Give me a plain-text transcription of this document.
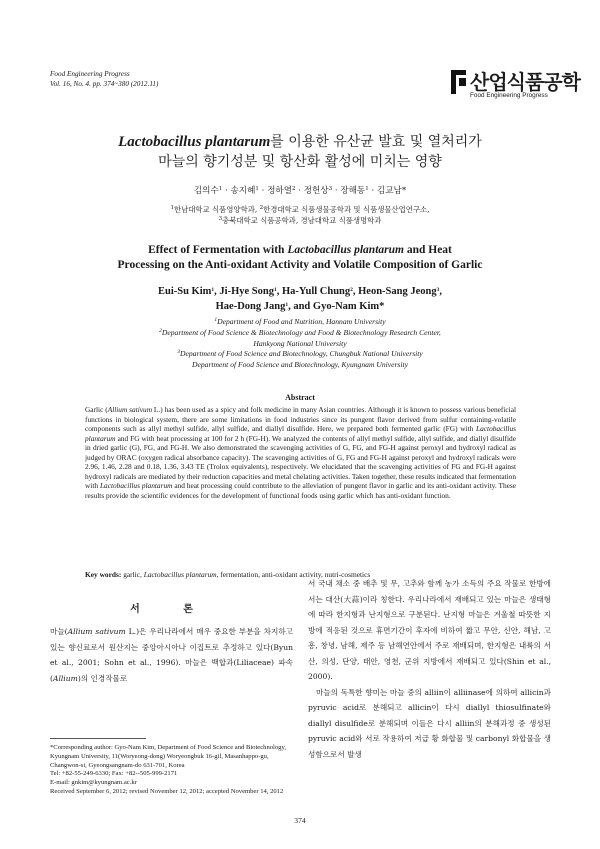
Food Engineering Progress
Vol. 16, No. 4. pp. 374~380 (2012.11)	산업식품공학
Food Engineering Progress
Lactobacillus plantarum를 이용한 유산균 발효 및 열처리가
마늘의 향기성분 및 항산화 활성에 미치는 영향
김의수$^1$ · 송지혜$^1$ · 정하열$^2$ · 정헌상$^3$ · 장해동$^1$ · 김교남*
$^1$한남대학교 식품영양학과, $^2$한경대학교 식품생물공학과 및 식품생물산업연구소,
$^3$충북대학교 식품공학과, 경남대학교 식품생명학과
Effect of Fermentation with Lactobacillus plantarum and Heat
Processing on the Anti-oxidant Activity and Volatile Composition of Garlic
Eui-Su Kim$^1$, Ji-Hye Song$^1$, Ha-Yull Chung$^2$, Heon-Sang Jeong$^3$,
Hae-Dong Jang$^1$, and Gyo-Nam Kim*
$^1$Department of Food and Nutrition, Hannam University
$^2$Department of Food Science & Biotechnology and Food & Biotechnology Research Center,
Hankyong National University
$^3$Department of Food Science and Biotechnology, Chungbuk National University
Department of Food Science and Biotechnology, Kyungnam University
Abstract
Garlic (Allium sativum L.) has been used as a spicy and folk medicine in many Asian countries. Although it is known to possess various beneficial functions in biological system, there are some limitations in food industries since its pungent flavor derived from sulfur containing-volatile components such as allyl methyl sulfide, allyl sulfide, and diallyl disulfide. Here, we prepared both fermented garlic (FG) with Lactobacillus plantarum and FG with heat processing at 100 for 2 h (FG-H). We analyzed the contents of allyl methyl sulfide, allyl sulfide, and diallyl disulfide in dried garlic (G), FG, and FG-H. We also demonstrated the scavenging activities of G, FG, and FG-H against peroxyl and hydroxyl radical as judged by ORAC (oxygen radical absorbance capacity). The scavenging activities of G, FG and FG-H against peroxyl and hydroxyl radicals were 2.96, 1.46, 2.28 and 0.18, 1.36, 3.43 TE (Trolox equivalents), respectively. We elucidated that the scavenging activities of FG and FG-H against hydroxyl radicals are mediated by their reduction capacities and metal chelating activities. Taken together, these results indicated that fermentation with Lactobacillus plantarum and heat processing could contribute to the alleviation of pungent flavor in garlic and its anti-oxidant activity. These results provide the scientific evidences for the development of functional foods using garlic which has anti-oxidant function.
Key words: garlic, Lactobacillus plantarum, fermentation, anti-oxidant activity, nutri-cosmetics
서 론
마늘(Allium sativum L.)은 우리나라에서 매우 중요한 부분을 차지하고 있는 향신료로서 원산지는 중앙아시아나 이집트로 추정하고 있다(Byun et al., 2001; Sohn et al., 1996). 마늘은 백합과(Liliaceae) 파속(Allium)의 인경작물로
서 국내 채소 중 배추 및 무, 고추와 함께 농가 소득의 주요 작물로 한방에서는 대산(大蒜)이라 칭한다. 우리나라에서 재배되고 있는 마늘은 생태형에 따라 한지형과 난지형으로 구분된다. 난지형 마늘은 겨울철 따뜻한 지방에 적응된 것으로 휴면기간이 후자에 비하여 짧고 무안, 신안, 해남, 고흥, 창녕, 남해, 제주 등 남해연안에서 주로 재배되며, 한지형은 내륙의 서산, 의성, 단양, 태안, 영천, 군위 지방에서 재배되고 있다(Shin et al., 2000).
마늘의 독특한 향미는 마늘 중의 alliin이 alliinase에 의하여 allicin과 pyruvic acid로 분해되고 allicin이 다시 diallyl thiosulfinate와 diallyl disulfide로 분해되며 이들은 다시 alliin의 분해과정 중 생성된 pyruvic acid와 서로 작용하여 저급 황 화합물 및 carbonyl 화합물을 생성함으로서 발생
*Corresponding author: Gyo-Nam Kim, Department of Food Science and Biotechnology, Kyungnam University, 11(Woryeong-dong) Woryeongbuk 16-gil, Masanhappo-gu, Changwon-si, Gyeongsangnam-do 631-701, Korea
Tel: +82-55-249-6330; Fax: +82--505-999-2171
E-mail: gnkim@kyungnam.ac.kr
Received September 6, 2012; revised November 12, 2012; accepted November 14, 2012
374
